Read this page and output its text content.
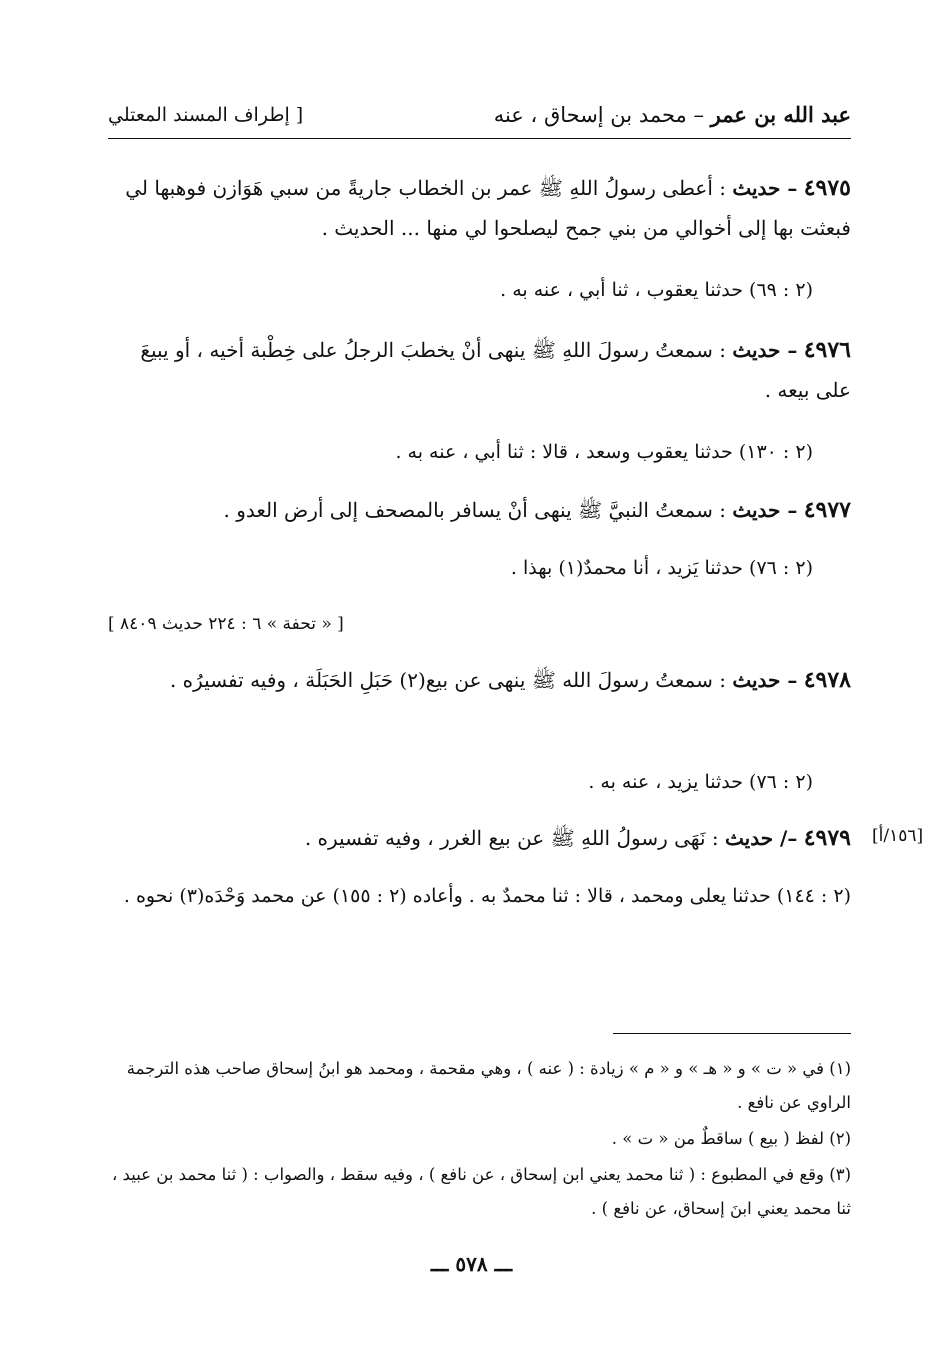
عبد الله بن عمر – محمد بن إسحاق ، عنه
[ إطراف المسند المعتلي
٤٩٧٥ – حديث : أعطى رسولُ اللهِ ﷺ عمر بن الخطاب جاريةً من سبي هَوَازن فوهبها لي فبعثت بها إلى أخوالي من بني جمح ليصلحوا لي منها ... الحديث .
(٢ : ٦٩) حدثنا يعقوب ، ثنا أبي ، عنه به .
٤٩٧٦ – حديث : سمعتُ رسولَ اللهِ ﷺ ينهى أنْ يخطبَ الرجلُ على خِطْبة أخيه ، أو يبيعَ على بيعه .
(٢ : ١٣٠) حدثنا يعقوب وسعد ، قالا : ثنا أبي ، عنه به .
٤٩٧٧ – حديث : سمعتُ النبيَّ ﷺ ينهى أنْ يسافر بالمصحف إلى أرض العدو .
(٢ : ٧٦) حدثنا يَزيد ، أنا محمدٌ(١) بهذا .
[ « تحفة » ٦ : ٢٢٤ حديث ٨٤٠٩ ]
٤٩٧٨ – حديث : سمعتُ رسولَ الله ﷺ ينهى عن بيع(٢) حَبَلِ الحَبَلَة ، وفيه تفسيرُه .
(٢ : ٧٦) حدثنا يزيد ، عنه به .
[١٥٦/أ]
٤٩٧٩ –/ حديث : نَهَى رسولُ اللهِ ﷺ عن بيع الغرر ، وفيه تفسيره .
(٢ : ١٤٤) حدثنا يعلى ومحمد ، قالا : ثنا محمدٌ به . وأعاده (٢ : ١٥٥) عن محمد وَحْدَه(٣) نحوه .
(١) في « ت » و « هـ » و « م » زيادة : ( عنه ) ، وهي مقحمة ، ومحمد هو ابنُ إسحاق صاحب هذه الترجمة الراوي عن نافع .
(٢) لفظ ( بيع ) ساقطٌ من « ت » .
(٣) وقع في المطبوع : ( ثنا محمد يعني ابن إسحاق ، عن نافع ) ، وفيه سقط ، والصواب : ( ثنا محمد بن عبيد ، ثنا محمد يعني ابنَ إسحاق، عن نافع ) .
ـــ ٥٧٨ ـــ
